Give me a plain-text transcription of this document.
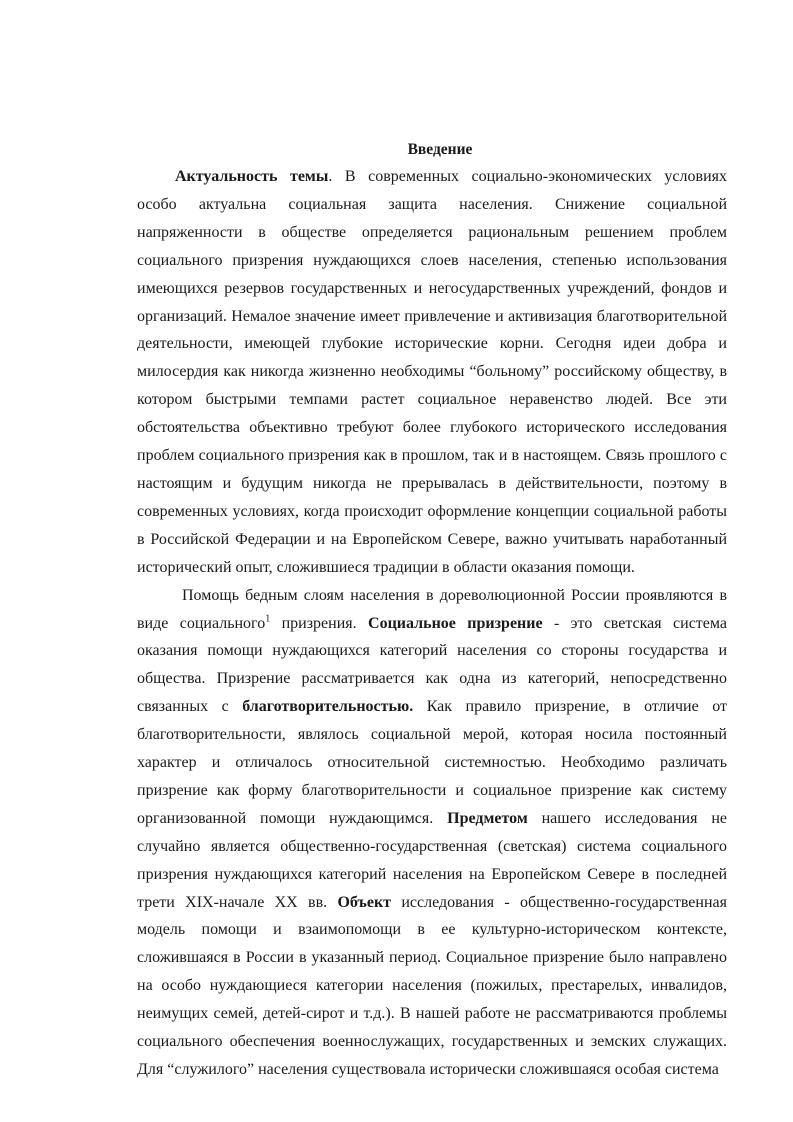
Введение

Актуальность темы. В современных социально-экономических условиях особо актуальна социальная защита населения. Снижение социальной напряженности в обществе определяется рациональным решением проблем социального призрения нуждающихся слоев населения, степенью использования имеющихся резервов государственных и негосударственных учреждений, фондов и организаций. Немалое значение имеет привлечение и активизация благотворительной деятельности, имеющей глубокие исторические корни. Сегодня идеи добра и милосердия как никогда жизненно необходимы “больному” российскому обществу, в котором быстрыми темпами растет социальное неравенство людей. Все эти обстоятельства объективно требуют более глубокого исторического исследования проблем социального призрения как в прошлом, так и в настоящем. Связь прошлого с настоящим и будущим никогда не прерывалась в действительности, поэтому в современных условиях, когда происходит оформление концепции социальной работы в Российской Федерации и на Европейском Севере, важно учитывать наработанный исторический опыт, сложившиеся традиции в области оказания помощи.

Помощь бедным слоям населения в дореволюционной России проявляются в виде социального$^1$ призрения. Социальное призрение - это светская система оказания помощи нуждающихся категорий населения со стороны государства и общества. Призрение рассматривается как одна из категорий, непосредственно связанных с благотворительностью. Как правило призрение, в отличие от благотворительности, являлось социальной мерой, которая носила постоянный характер и отличалось относительной системностью. Необходимо различать призрение как форму благотворительности и социальное призрение как систему организованной помощи нуждающимся. Предметом нашего исследования не случайно является общественно-государственная (светская) система социального призрения нуждающихся категорий населения на Европейском Севере в последней трети XIX-начале XX вв. Объект исследования - общественно-государственная модель помощи и взаимопомощи в ее культурно-историческом контексте, сложившаяся в России в указанный период. Социальное призрение было направлено на особо нуждающиеся категории населения (пожилых, престарелых, инвалидов, неимущих семей, детей-сирот и т.д.). В нашей работе не рассматриваются проблемы социального обеспечения военнослужащих, государственных и земских служащих. Для “служилого” населения существовала исторически сложившаяся особая система
